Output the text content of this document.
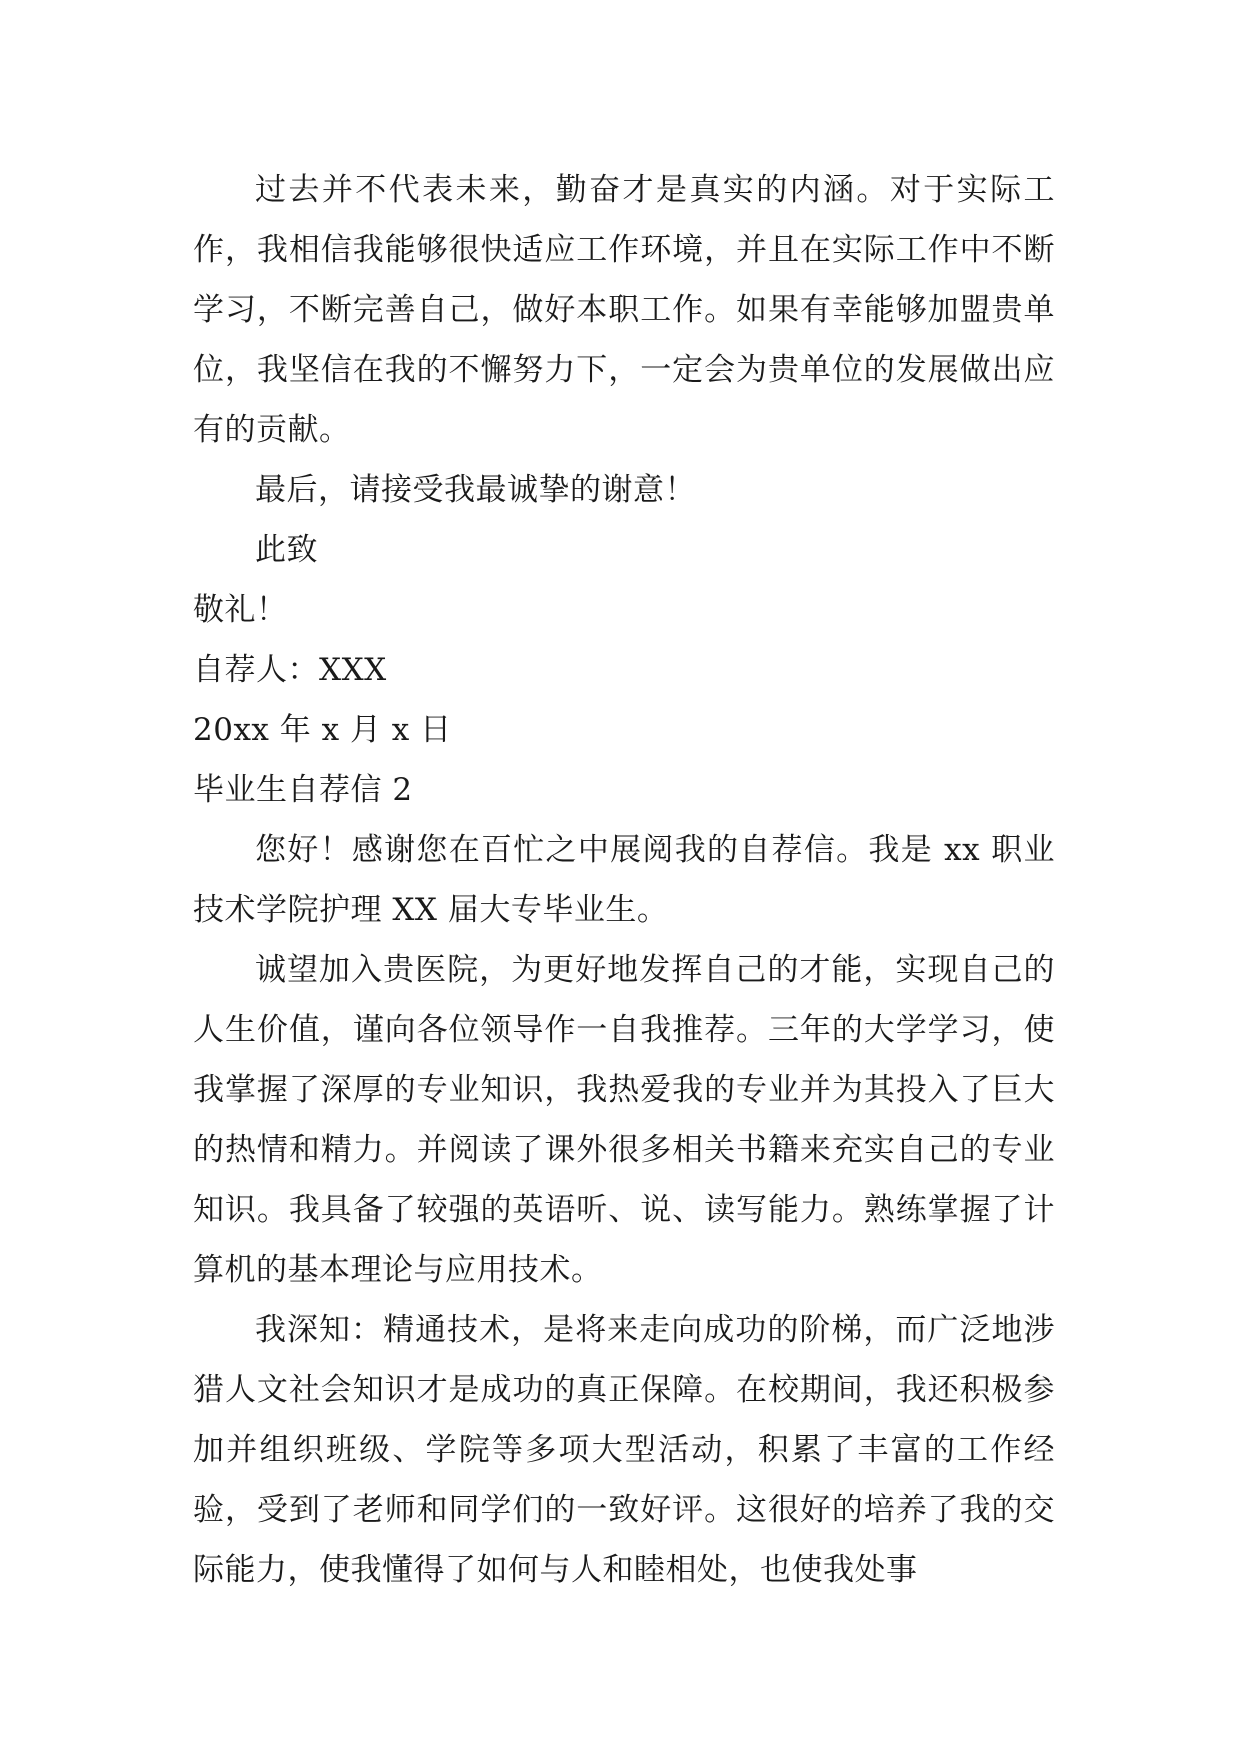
过去并不代表未来，勤奋才是真实的内涵。对于实际工作，我相信我能够很快适应工作环境，并且在实际工作中不断学习，不断完善自己，做好本职工作。如果有幸能够加盟贵单位，我坚信在我的不懈努力下，一定会为贵单位的发展做出应有的贡献。

最后，请接受我最诚挚的谢意！

此致

敬礼！

自荐人：XXX

20xx 年 x 月 x 日

毕业生自荐信 2

您好！感谢您在百忙之中展阅我的自荐信。我是 xx 职业技术学院护理 XX 届大专毕业生。

诚望加入贵医院，为更好地发挥自己的才能，实现自己的人生价值，谨向各位领导作一自我推荐。三年的大学学习，使我掌握了深厚的专业知识，我热爱我的专业并为其投入了巨大的热情和精力。并阅读了课外很多相关书籍来充实自己的专业知识。我具备了较强的英语听、说、读写能力。熟练掌握了计算机的基本理论与应用技术。

我深知：精通技术，是将来走向成功的阶梯，而广泛地涉猎人文社会知识才是成功的真正保障。在校期间，我还积极参加并组织班级、学院等多项大型活动，积累了丰富的工作经验，受到了老师和同学们的一致好评。这很好的培养了我的交际能力，使我懂得了如何与人和睦相处，也使我处事
